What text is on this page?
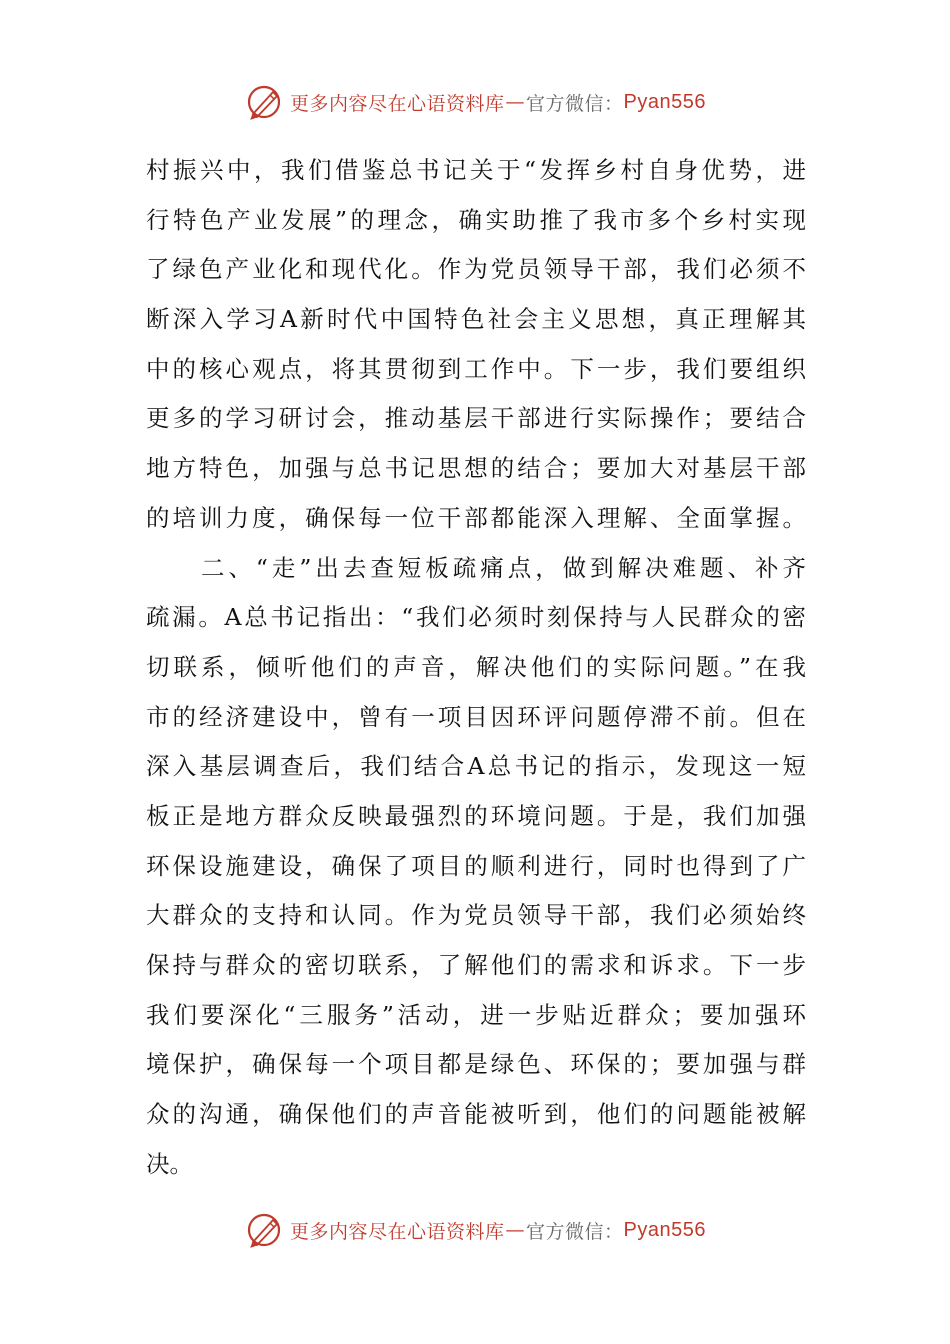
更多内容尽在心语资料库 — 官方微信： Pyan556
村振兴中，我们借鉴总书记关于“发挥乡村自身优势，进
行特色产业发展”的理念，确实助推了我市多个乡村实现
了绿色产业化和现代化。作为党员领导干部，我们必须不
断深入学习A新时代中国特色社会主义思想，真正理解其
中的核心观点，将其贯彻到工作中。下一步，我们要组织
更多的学习研讨会，推动基层干部进行实际操作；要结合
地方特色，加强与总书记思想的结合；要加大对基层干部
的培训力度，确保每一位干部都能深入理解、全面掌握。
　　二、“走”出去查短板疏痛点，做到解决难题、补齐
疏漏。A总书记指出：“我们必须时刻保持与人民群众的密
切联系，倾听他们的声音，解决他们的实际问题。”在我
市的经济建设中，曾有一项目因环评问题停滞不前。但在
深入基层调查后，我们结合A总书记的指示，发现这一短
板正是地方群众反映最强烈的环境问题。于是，我们加强
环保设施建设，确保了项目的顺利进行，同时也得到了广
大群众的支持和认同。作为党员领导干部，我们必须始终
保持与群众的密切联系，了解他们的需求和诉求。下一步
我们要深化“三服务”活动，进一步贴近群众；要加强环
境保护，确保每一个项目都是绿色、环保的；要加强与群
众的沟通，确保他们的声音能被听到，他们的问题能被解
决。
更多内容尽在心语资料库 — 官方微信： Pyan556
